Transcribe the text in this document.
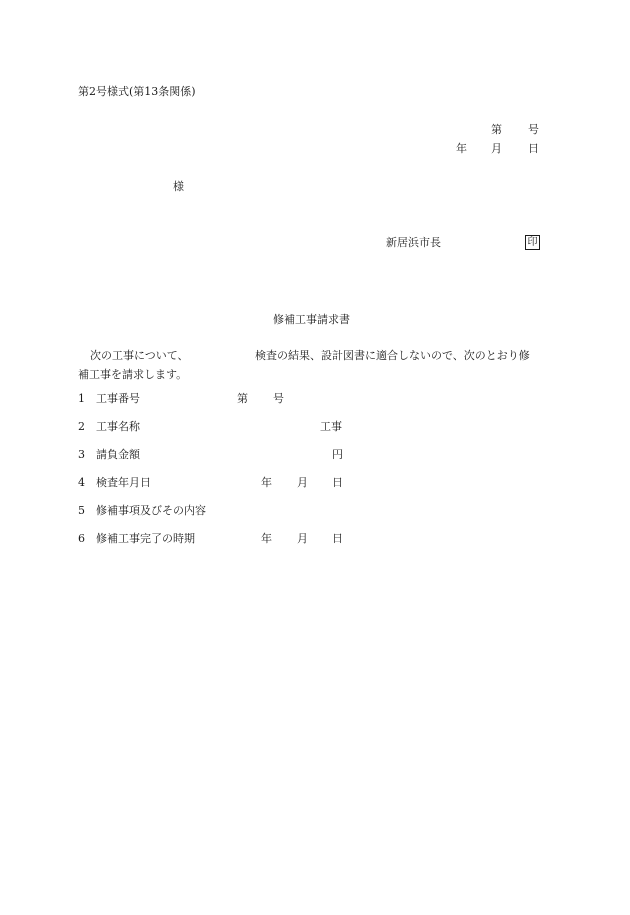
第2号様式(第13条関係)
第 号
年 月 日
様
新居浜市長	印
修補工事請求書
次の工事について、	検査の結果、設計図書に適合しないので、次のとおり修
補工事を請求します。
1 工事番号	第 号
2 工事名称	工事
3 請負金額	円
4 検査年月日	年 月 日
5 修補事項及びその内容
6 修補工事完了の時期	年 月 日
